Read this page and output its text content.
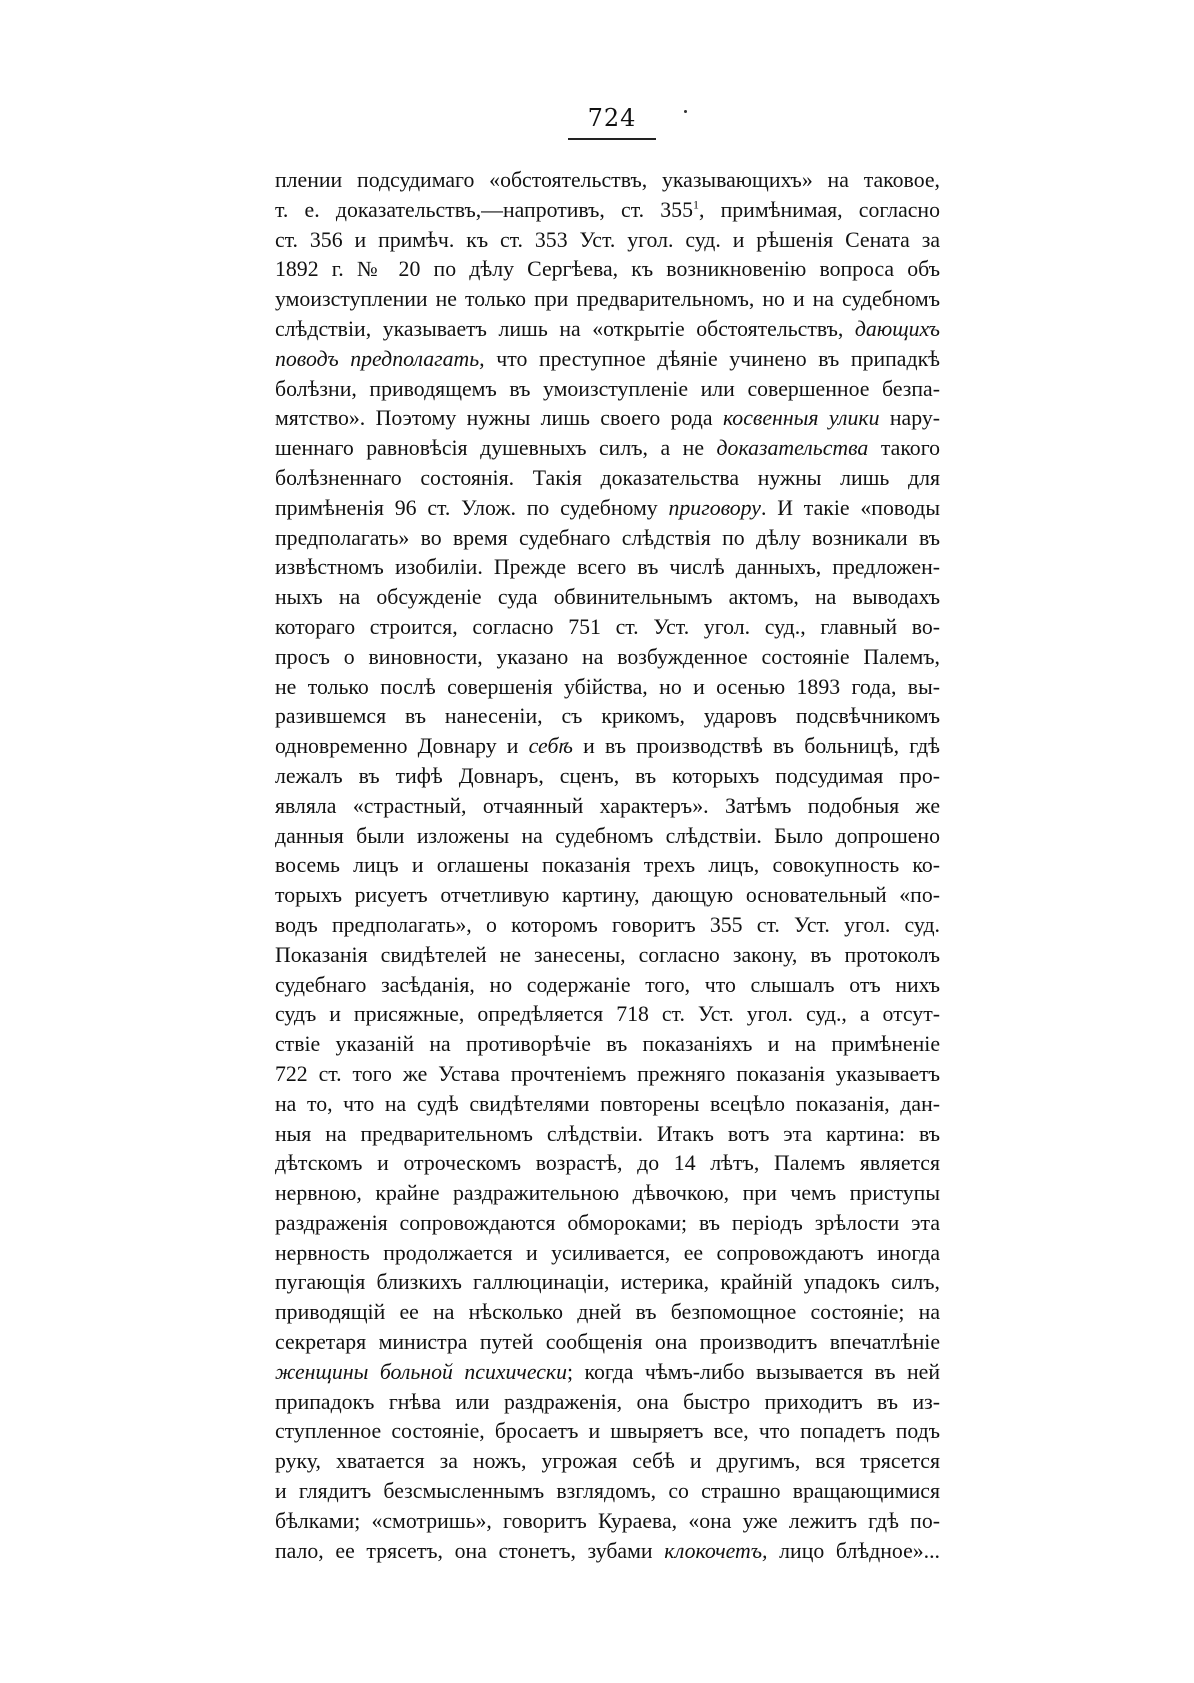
724
плении подсудимаго «обстоятельствъ, указывающихъ» на таковое,
т. е. доказательствъ,—напротивъ, ст. $355^1$, примѣнимая, согласно
ст. 356 и примѣч. къ ст. 353 Уст. угол. суд. и рѣшенія Сената за
1892 г. № 20 по дѣлу Сергѣева, къ возникновенію вопроса объ
умоизступлении не только при предварительномъ, но и на судебномъ
слѣдствіи, указываетъ лишь на «открытіе обстоятельствъ, дающихъ
поводъ предполагать, что преступное дѣяніе учинено въ припадкѣ
болѣзни, приводящемъ въ умоизступленіе или совершенное безпа-
мятство». Поэтому нужны лишь своего рода косвенныя улики нару-
шеннаго равновѣсія душевныхъ силъ, а не доказательства такого
болѣзненнаго состоянія. Такія доказательства нужны лишь для
примѣненія 96 ст. Улож. по судебному приговору. И такіе «поводы
предполагать» во время судебнаго слѣдствія по дѣлу возникали въ
извѣстномъ изобиліи. Прежде всего въ числѣ данныхъ, предложен-
ныхъ на обсужденіе суда обвинительнымъ актомъ, на выводахъ
котораго строится, согласно 751 ст. Уст. угол. суд., главный во-
просъ о виновности, указано на возбужденное состояніе Палемъ,
не только послѣ совершенія убійства, но и осенью 1893 года, вы-
разившемся въ нанесеніи, съ крикомъ, ударовъ подсвѣчникомъ
одновременно Довнару и себѣ и въ производствѣ въ больницѣ, гдѣ
лежалъ въ тифѣ Довнаръ, сценъ, въ которыхъ подсудимая про-
являла «страстный, отчаянный характеръ». Затѣмъ подобныя же
данныя были изложены на судебномъ слѣдствіи. Было допрошено
восемь лицъ и оглашены показанія трехъ лицъ, совокупность ко-
торыхъ рисуетъ отчетливую картину, дающую основательный «по-
водъ предполагать», о которомъ говоритъ 355 ст. Уст. угол. суд.
Показанія свидѣтелей не занесены, согласно закону, въ протоколъ
судебнаго засѣданія, но содержаніе того, что слышалъ отъ нихъ
судъ и присяжные, опредѣляется 718 ст. Уст. угол. суд., а отсут-
ствіе указаній на противорѣчіе въ показаніяхъ и на примѣненіе
722 ст. того же Устава прочтеніемъ прежняго показанія указываетъ
на то, что на судѣ свидѣтелями повторены всецѣло показанія, дан-
ныя на предварительномъ слѣдствіи. Итакъ вотъ эта картина: въ
дѣтскомъ и отроческомъ возрастѣ, до 14 лѣтъ, Палемъ является
нервною, крайне раздражительною дѣвочкою, при чемъ приступы
раздраженія сопровождаются обмороками; въ періодъ зрѣлости эта
нервность продолжается и усиливается, ее сопровождаютъ иногда
пугающія близкихъ галлюцинаціи, истерика, крайній упадокъ силъ,
приводящій ее на нѣсколько дней въ безпомощное состояніе; на
секретаря министра путей сообщенія она производитъ впечатлѣніе
женщины больной психически; когда чѣмъ-либо вызывается въ ней
припадокъ гнѣва или раздраженія, она быстро приходитъ въ из-
ступленное состояніе, бросаетъ и швыряетъ все, что попадетъ подъ
руку, хватается за ножъ, угрожая себѣ и другимъ, вся трясется
и глядитъ безсмысленнымъ взглядомъ, со страшно вращающимися
бѣлками; «смотришь», говоритъ Кураева, «она уже лежитъ гдѣ по-
пало, ее трясетъ, она стонетъ, зубами клокочетъ, лицо блѣдное»...
